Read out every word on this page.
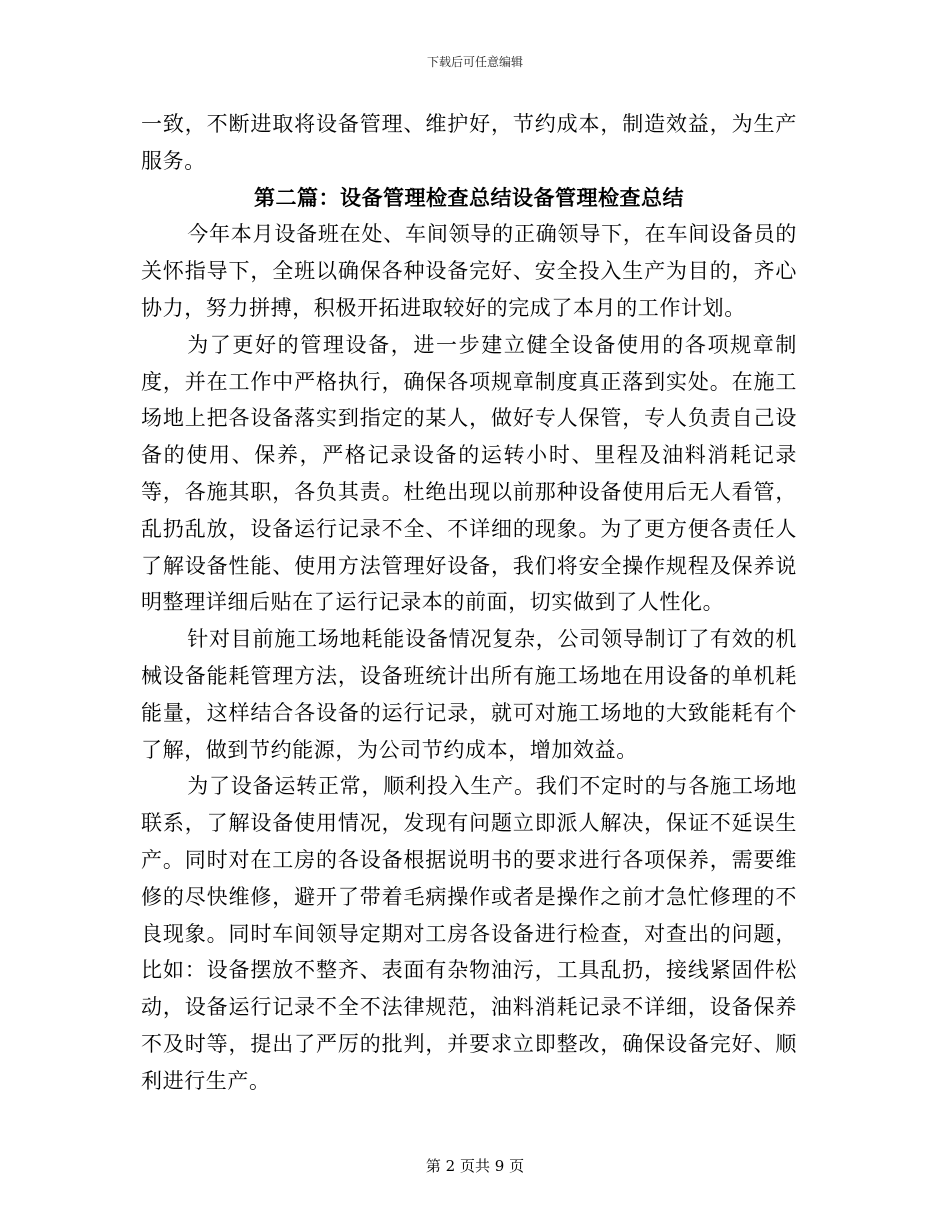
下载后可任意编辑

一致，不断进取将设备管理、维护好，节约成本，制造效益，为生产服务。

第二篇：设备管理检查总结设备管理检查总结

今年本月设备班在处、车间领导的正确领导下，在车间设备员的关怀指导下，全班以确保各种设备完好、安全投入生产为目的，齐心协力，努力拼搏，积极开拓进取较好的完成了本月的工作计划。

为了更好的管理设备，进一步建立健全设备使用的各项规章制度，并在工作中严格执行，确保各项规章制度真正落到实处。在施工场地上把各设备落实到指定的某人，做好专人保管，专人负责自己设备的使用、保养，严格记录设备的运转小时、里程及油料消耗记录等，各施其职，各负其责。杜绝出现以前那种设备使用后无人看管，乱扔乱放，设备运行记录不全、不详细的现象。为了更方便各责任人了解设备性能、使用方法管理好设备，我们将安全操作规程及保养说明整理详细后贴在了运行记录本的前面，切实做到了人性化。

针对目前施工场地耗能设备情况复杂，公司领导制订了有效的机械设备能耗管理方法，设备班统计出所有施工场地在用设备的单机耗能量，这样结合各设备的运行记录，就可对施工场地的大致能耗有个了解，做到节约能源，为公司节约成本，增加效益。

为了设备运转正常，顺利投入生产。我们不定时的与各施工场地联系，了解设备使用情况，发现有问题立即派人解决，保证不延误生产。同时对在工房的各设备根据说明书的要求进行各项保养，需要维修的尽快维修，避开了带着毛病操作或者是操作之前才急忙修理的不良现象。同时车间领导定期对工房各设备进行检查，对查出的问题，比如：设备摆放不整齐、表面有杂物油污，工具乱扔，接线紧固件松动，设备运行记录不全不法律规范，油料消耗记录不详细，设备保养不及时等，提出了严厉的批判，并要求立即整改，确保设备完好、顺利进行生产。

第 2 页共 9 页
